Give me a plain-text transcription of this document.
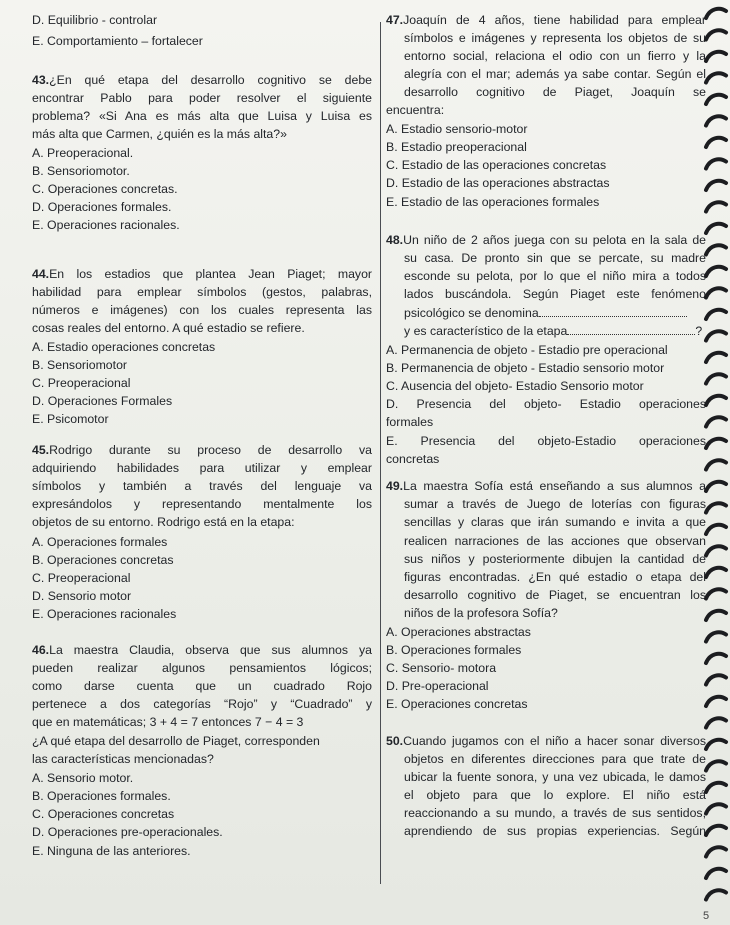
D. Equilibrio - controlar
E. Comportamiento – fortalecer
43.¿En qué etapa del desarrollo cognitivo se debe
encontrar Pablo para poder resolver el siguiente
problema? «Si Ana es más alta que Luisa y Luisa es
más alta que Carmen, ¿quién es la más alta?»
A. Preoperacional.
B. Sensoriomotor.
C. Operaciones concretas.
D. Operaciones formales.
E. Operaciones racionales.
44.En los estadios que plantea Jean Piaget; mayor
habilidad para emplear símbolos (gestos, palabras,
números e imágenes) con los cuales representa las
cosas reales del entorno. A qué estadio se refiere.
A. Estadio operaciones concretas
B. Sensoriomotor
C. Preoperacional
D. Operaciones Formales
E. Psicomotor
45.Rodrigo durante su proceso de desarrollo va
adquiriendo habilidades para utilizar y emplear
símbolos y también a través del lenguaje va
expresándolos y representando mentalmente los
objetos de su entorno. Rodrigo está en la etapa:
A. Operaciones formales
B. Operaciones concretas
C. Preoperacional
D. Sensorio motor
E. Operaciones racionales
46.La maestra Claudia, observa que sus alumnos ya
pueden realizar algunos pensamientos lógicos;
como darse cuenta que un cuadrado Rojo
pertenece a dos categorías “Rojo” y “Cuadrado” y
que en matemáticas; 3 + 4 = 7 entonces 7 − 4 = 3
¿A qué etapa del desarrollo de Piaget, corresponden
las características mencionadas?
A. Sensorio motor.
B. Operaciones formales.
C. Operaciones concretas
D. Operaciones pre-operacionales.
E. Ninguna de las anteriores.
47.Joaquín de 4 años, tiene habilidad para emplear
símbolos e imágenes y representa los objetos de su
entorno social, relaciona el odio con un fierro y la
alegría con el mar; además ya sabe contar. Según el
desarrollo cognitivo de Piaget, Joaquín se
encuentra:
A. Estadio sensorio-motor
B. Estadio preoperacional
C. Estadio de las operaciones concretas
D. Estadio de las operaciones abstractas
E. Estadio de las operaciones formales
48.Un niño de 2 años juega con su pelota en la sala de
su casa. De pronto sin que se percate, su madre
esconde su pelota, por lo que el niño mira a todos
lados buscándola. Según Piaget este fenómeno
psicológico se denomina
y es característico de la etapa	?
A. Permanencia de objeto - Estadio pre operacional
B. Permanencia de objeto - Estadio sensorio motor
C. Ausencia del objeto- Estadio Sensorio motor
D. Presencia del objeto- Estadio operaciones
formales
E. Presencia del objeto-Estadio operaciones
concretas
49.La maestra Sofía está enseñando a sus alumnos a
sumar a través de Juego de loterías con figuras
sencillas y claras que irán sumando e invita a que
realicen narraciones de las acciones que observan
sus niños y posteriormente dibujen la cantidad de
figuras encontradas. ¿En qué estadio o etapa del
desarrollo cognitivo de Piaget, se encuentran los
niños de la profesora Sofía?
A. Operaciones abstractas
B. Operaciones formales
C. Sensorio- motora
D. Pre-operacional
E. Operaciones concretas
50.Cuando jugamos con el niño a hacer sonar diversos
objetos en diferentes direcciones para que trate de
ubicar la fuente sonora, y una vez ubicada, le damos
el objeto para que lo explore. El niño está
reaccionando a su mundo, a través de sus sentidos,
aprendiendo de sus propias experiencias. Según
5
